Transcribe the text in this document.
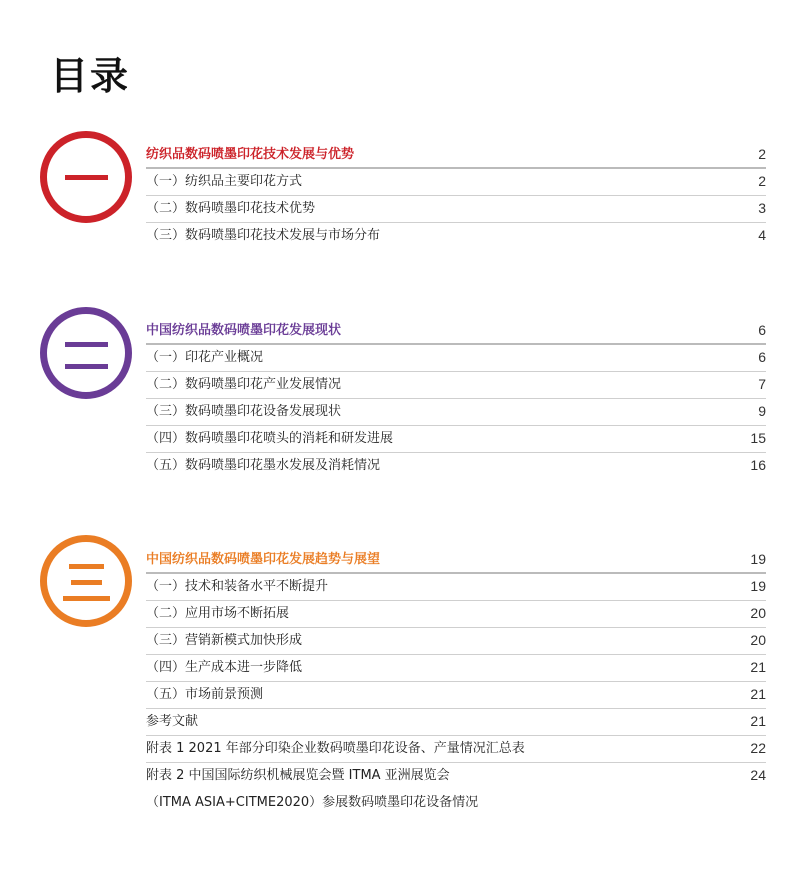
目录
纺织品数码喷墨印花技术发展与优势	2
（一）纺织品主要印花方式	2
（二）数码喷墨印花技术优势	3
（三）数码喷墨印花技术发展与市场分布	4
中国纺织品数码喷墨印花发展现状	6
（一）印花产业概况	6
（二）数码喷墨印花产业发展情况	7
（三）数码喷墨印花设备发展现状	9
（四）数码喷墨印花喷头的消耗和研发进展	15
（五）数码喷墨印花墨水发展及消耗情况	16
中国纺织品数码喷墨印花发展趋势与展望	19
（一）技术和装备水平不断提升	19
（二）应用市场不断拓展	20
（三）营销新模式加快形成	20
（四）生产成本进一步降低	21
（五）市场前景预测	21
参考文献	21
附表 1 2021 年部分印染企业数码喷墨印花设备、产量情况汇总表	22
附表 2 中国国际纺织机械展览会暨 ITMA 亚洲展览会	24
（ITMA ASIA+CITME2020）参展数码喷墨印花设备情况
